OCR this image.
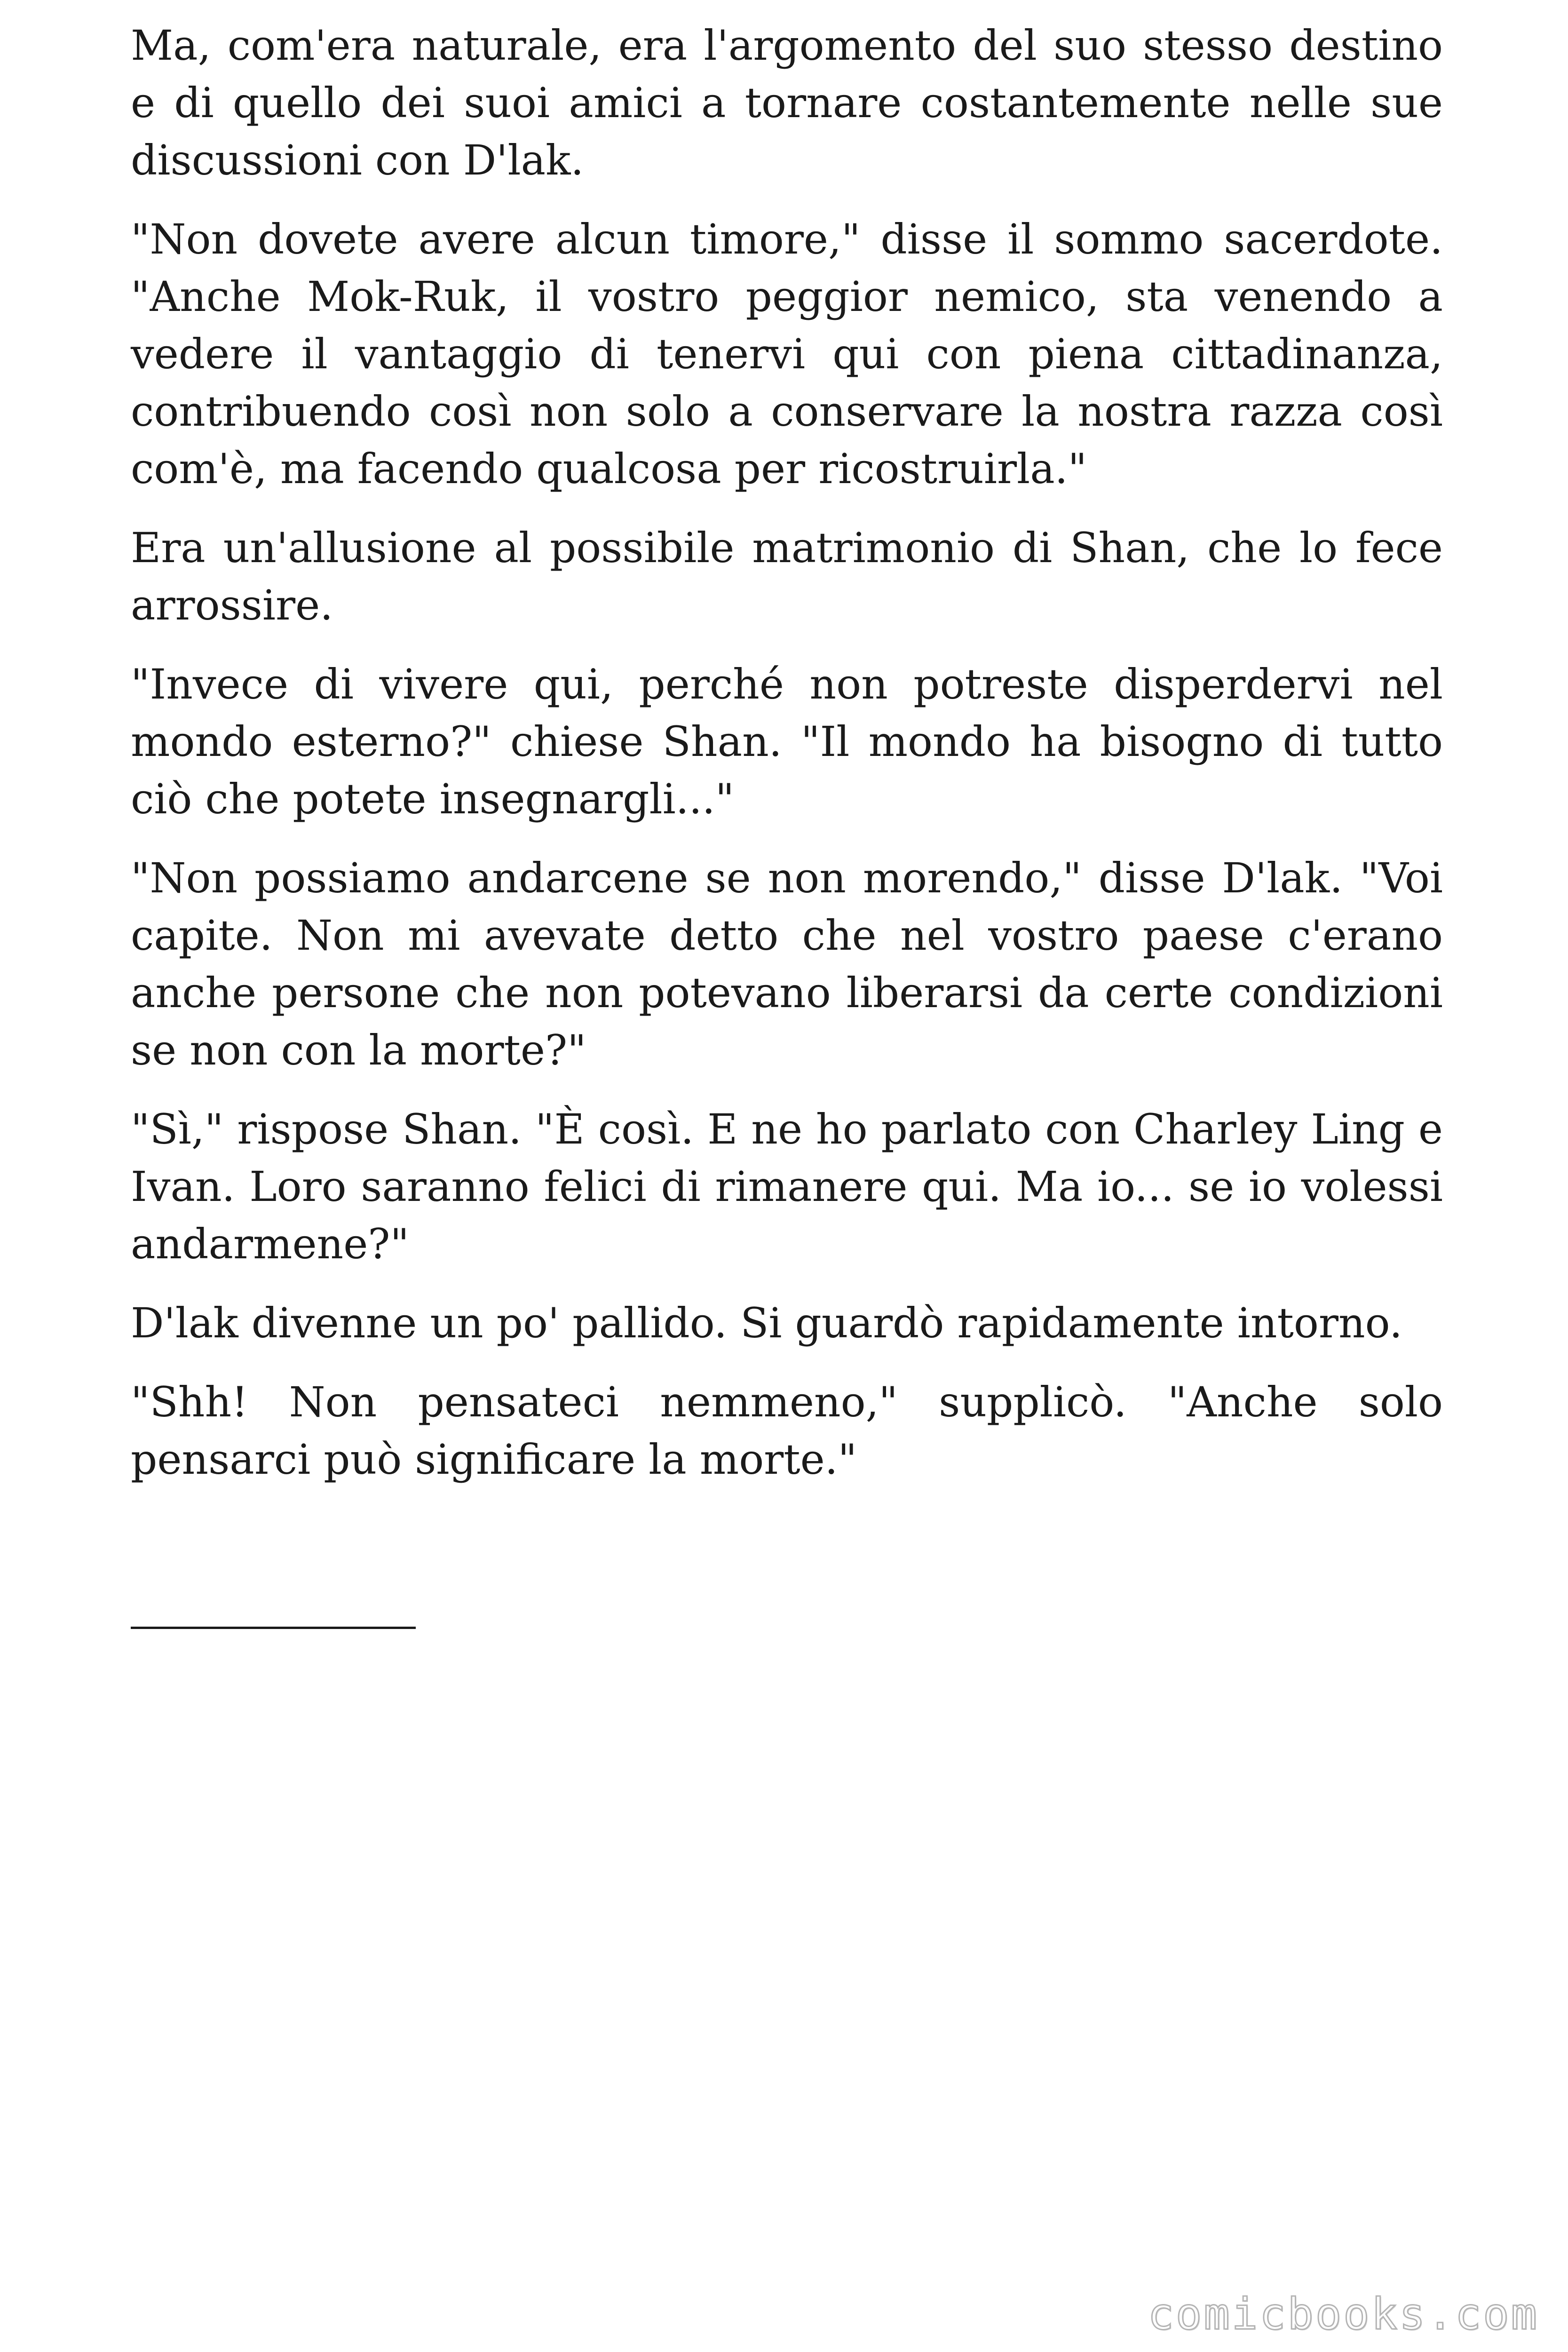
Ma, com'era naturale, era l'argomento del suo stesso destino e di quello dei suoi amici a tornare costantemente nelle sue discussioni con D'lak.

"Non dovete avere alcun timore," disse il sommo sacerdote. "Anche Mok-Ruk, il vostro peggior nemico, sta venendo a vedere il vantaggio di tenervi qui con piena cittadinanza, contribuendo così non solo a conservare la nostra razza così com'è, ma facendo qualcosa per ricostruirla."

Era un'allusione al possibile matrimonio di Shan, che lo fece arrossire.

"Invece di vivere qui, perché non potreste disperdervi nel mondo esterno?" chiese Shan. "Il mondo ha bisogno di tutto ciò che potete insegnargli..."

"Non possiamo andarcene se non morendo," disse D'lak. "Voi capite. Non mi avevate detto che nel vostro paese c'erano anche persone che non potevano liberarsi da certe condizioni se non con la morte?"

"Sì," rispose Shan. "È così. E ne ho parlato con Charley Ling e Ivan. Loro saranno felici di rimanere qui. Ma io... se io volessi andarmene?"

D'lak divenne un po' pallido. Si guardò rapidamente intorno.

"Shh! Non pensateci nemmeno," supplicò. "Anche solo pensarci può significare la morte."

comicbooks.com
